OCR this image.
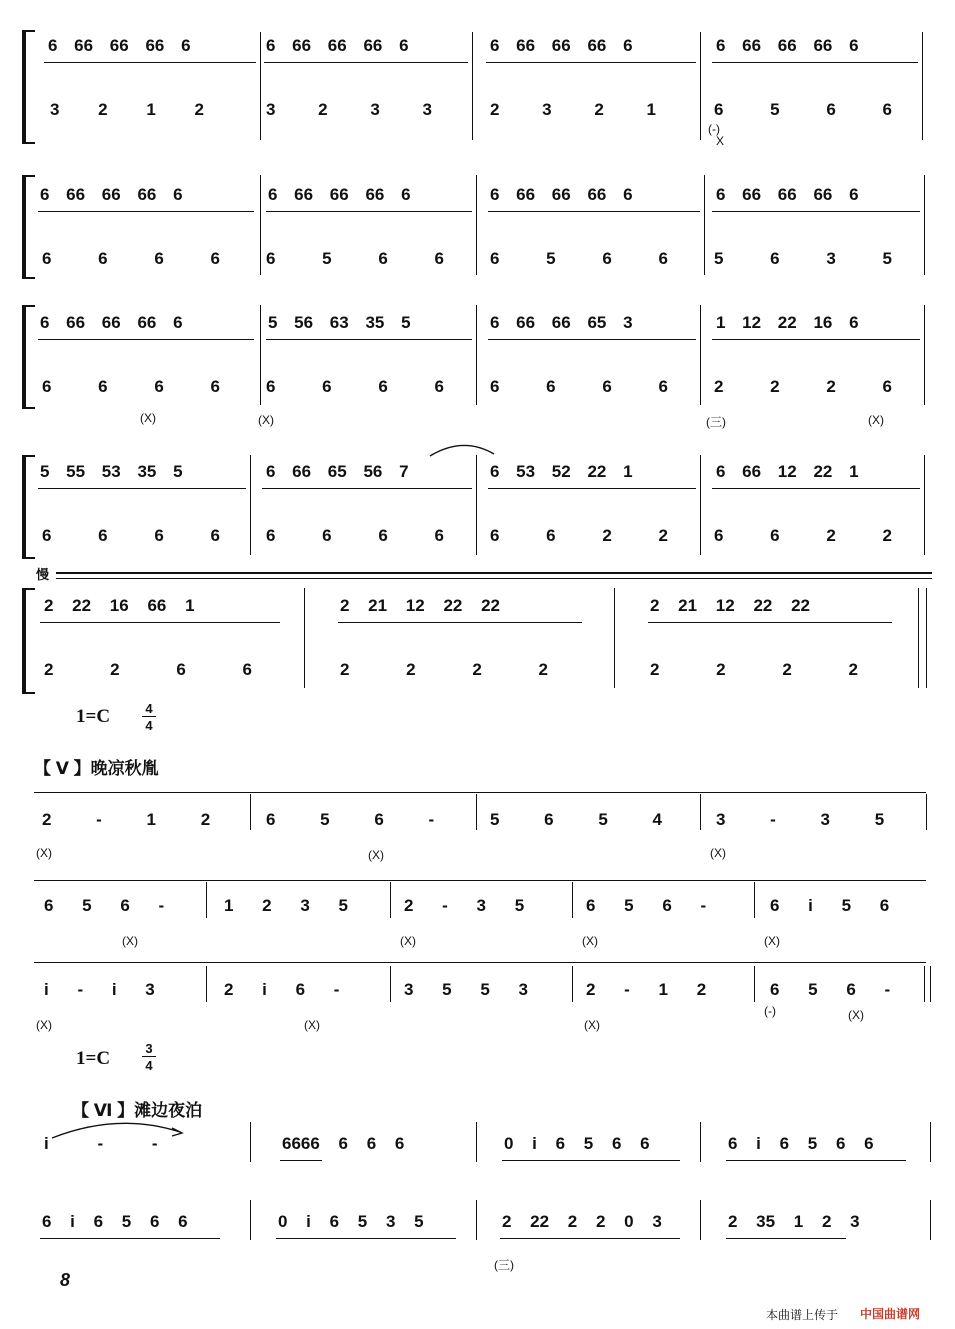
6 66 66 66 6	6 66 66 66 6	6 66 66 66 6	6 66 66 66 6
3 2 1 2	3 2 3 3	2 3 2 1	6 5 6 6
(-)
X
6 66 66 66 6	6 66 66 66 6	6 66 66 66 6	6 66 66 66 6
6 6 6 6	6 5 6 6	6 5 6 6	5 6 3 5
6 66 66 66 6	5 56 63 35 5	6 66 66 65 3	1 12 22 16 6
6 6 6 6	6 6 6 6	6 6 6 6	2 2 2 6
(X)	(X)	(三)	(X)
5 55 53 35 5	6 66 65 56 7	6 53 52 22 1	6 66 12 22 1
6 6 6 6	6 6 6 6	6 6 2 2	6 6 2 2
慢
2 22 16 66 1	2 21 12 22 22	2 21 12 22 22
2 2 6 6	2 2 2 2	2 2 2 2
1=C	4
4
【 Ⅴ 】晚凉秋胤
2 - 1 2	6 5 6 -	5 6 5 4	3 - 3 5
(X)	(X)	(X)
6 5 6 -	1 2 3 5	2 - 3 5	6 5 6 -	6 i 5 6
(X)	(X)	(X)	(X)
i - i 3	2 i 6 -	3 5 5 3	2 - 1 2	6 5 6 -
(X)	(X)	(X)
(-)	(X)
1=C	3
4
【 Ⅵ 】滩边夜泊
i - -	6666 6 6 6	0 i 6 5 6 6	6 i 6 5 6 6
6 i 6 5 6 6	0 i 6 5 3 5	2 22 2 2 0 3	2 35 1 2 3
(三)
8
本曲谱上传于 中国曲谱网
